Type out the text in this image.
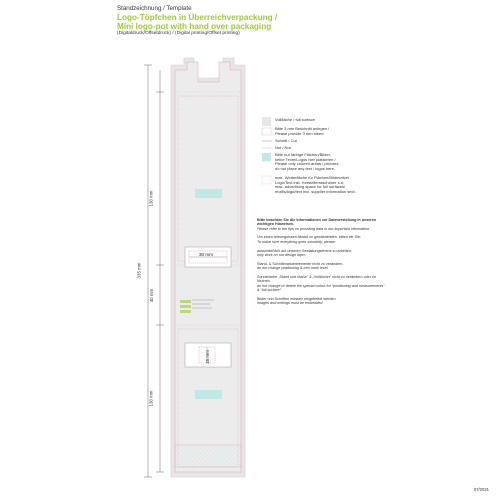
Standzeichnung / Template
Logo-Töpfchen in Überreichverpackung /
Mini logo-pot with hand over packaging
(Digitaldruck/Offsetdruck) / (Digital printing/Offset printing)
335 mm
130 mm
40 mm
130 mm
30 mm
15 mm
Vollfläche / full surface
Bitte 3 mm Beschnitt anlegen /
Please provide 3 mm bleed
Schnitt / Cut
Nut / Nut
Bitte nur farbige Flächen/Bilder,
keine Texte/Logos hier platzieren /
Please only colored areas / pictures,
do not place any text / logos here.
max. Werbefläche für Flächen/Bildmotive/
Logo/Text inkl. Herstellerraschöner s.o.
max. advertising space for full surfaces/
motifs/logo/text incl. supplier information sect.

Bitte beachten Sie die Informationen zur Datenerstellung in unseren wichtigen Hinweisen.
Please refer to the tips on providing data in our important information.

Um einen reibungslosen Ablauf zu gewährleisten, bitten wir Sie:
To make sure everything goes smoothly, please:

ausschließlich auf unseren Gestaltungsebene zu arbeiten,
only work on our design layer.

Stand- & Schnittmarkierelemente nicht zu verändern.
do not change positioning & trim mark level.

Sonderfarbe „Stand und Maße“ & „Volltöcher“ nicht zu verändern oder zu löschen.
do not change or delete the special colour for “positioning and measurements” & “full surface”.

Bilder und Schriften müssen eingebettet werden
Images and writings must be embedded

07/2021
